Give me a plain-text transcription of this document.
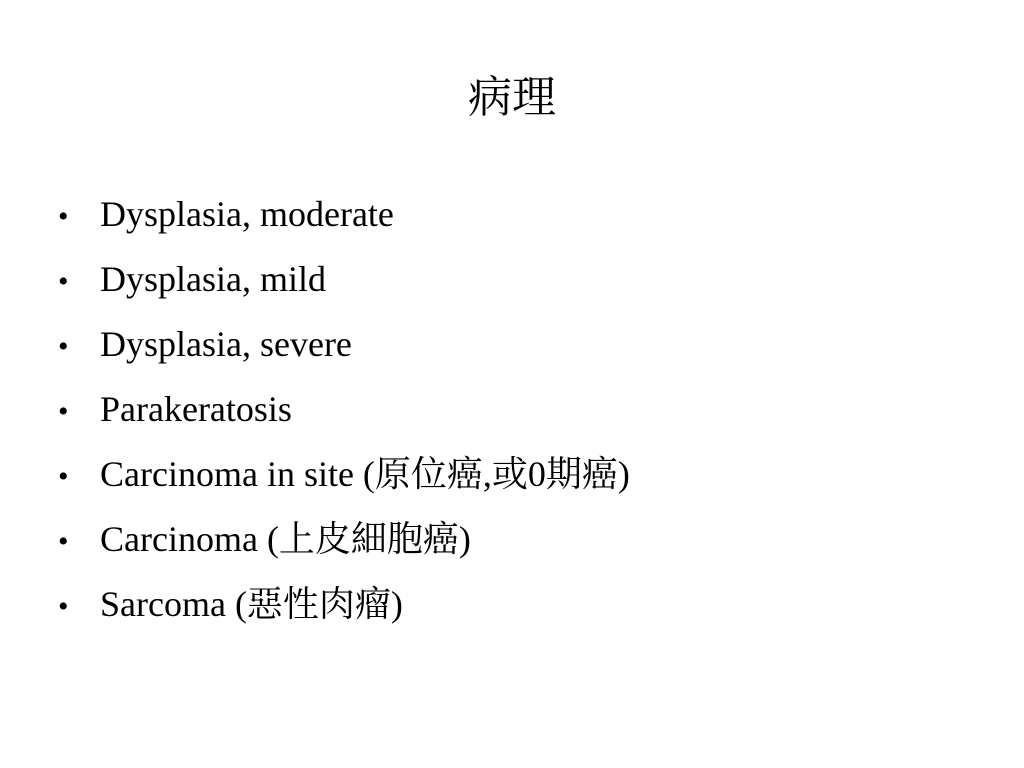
病理
• Dysplasia, moderate
• Dysplasia, mild
• Dysplasia, severe
• Parakeratosis
• Carcinoma in site (原位癌,或0期癌)
• Carcinoma (上皮細胞癌)
• Sarcoma (惡性肉瘤)
